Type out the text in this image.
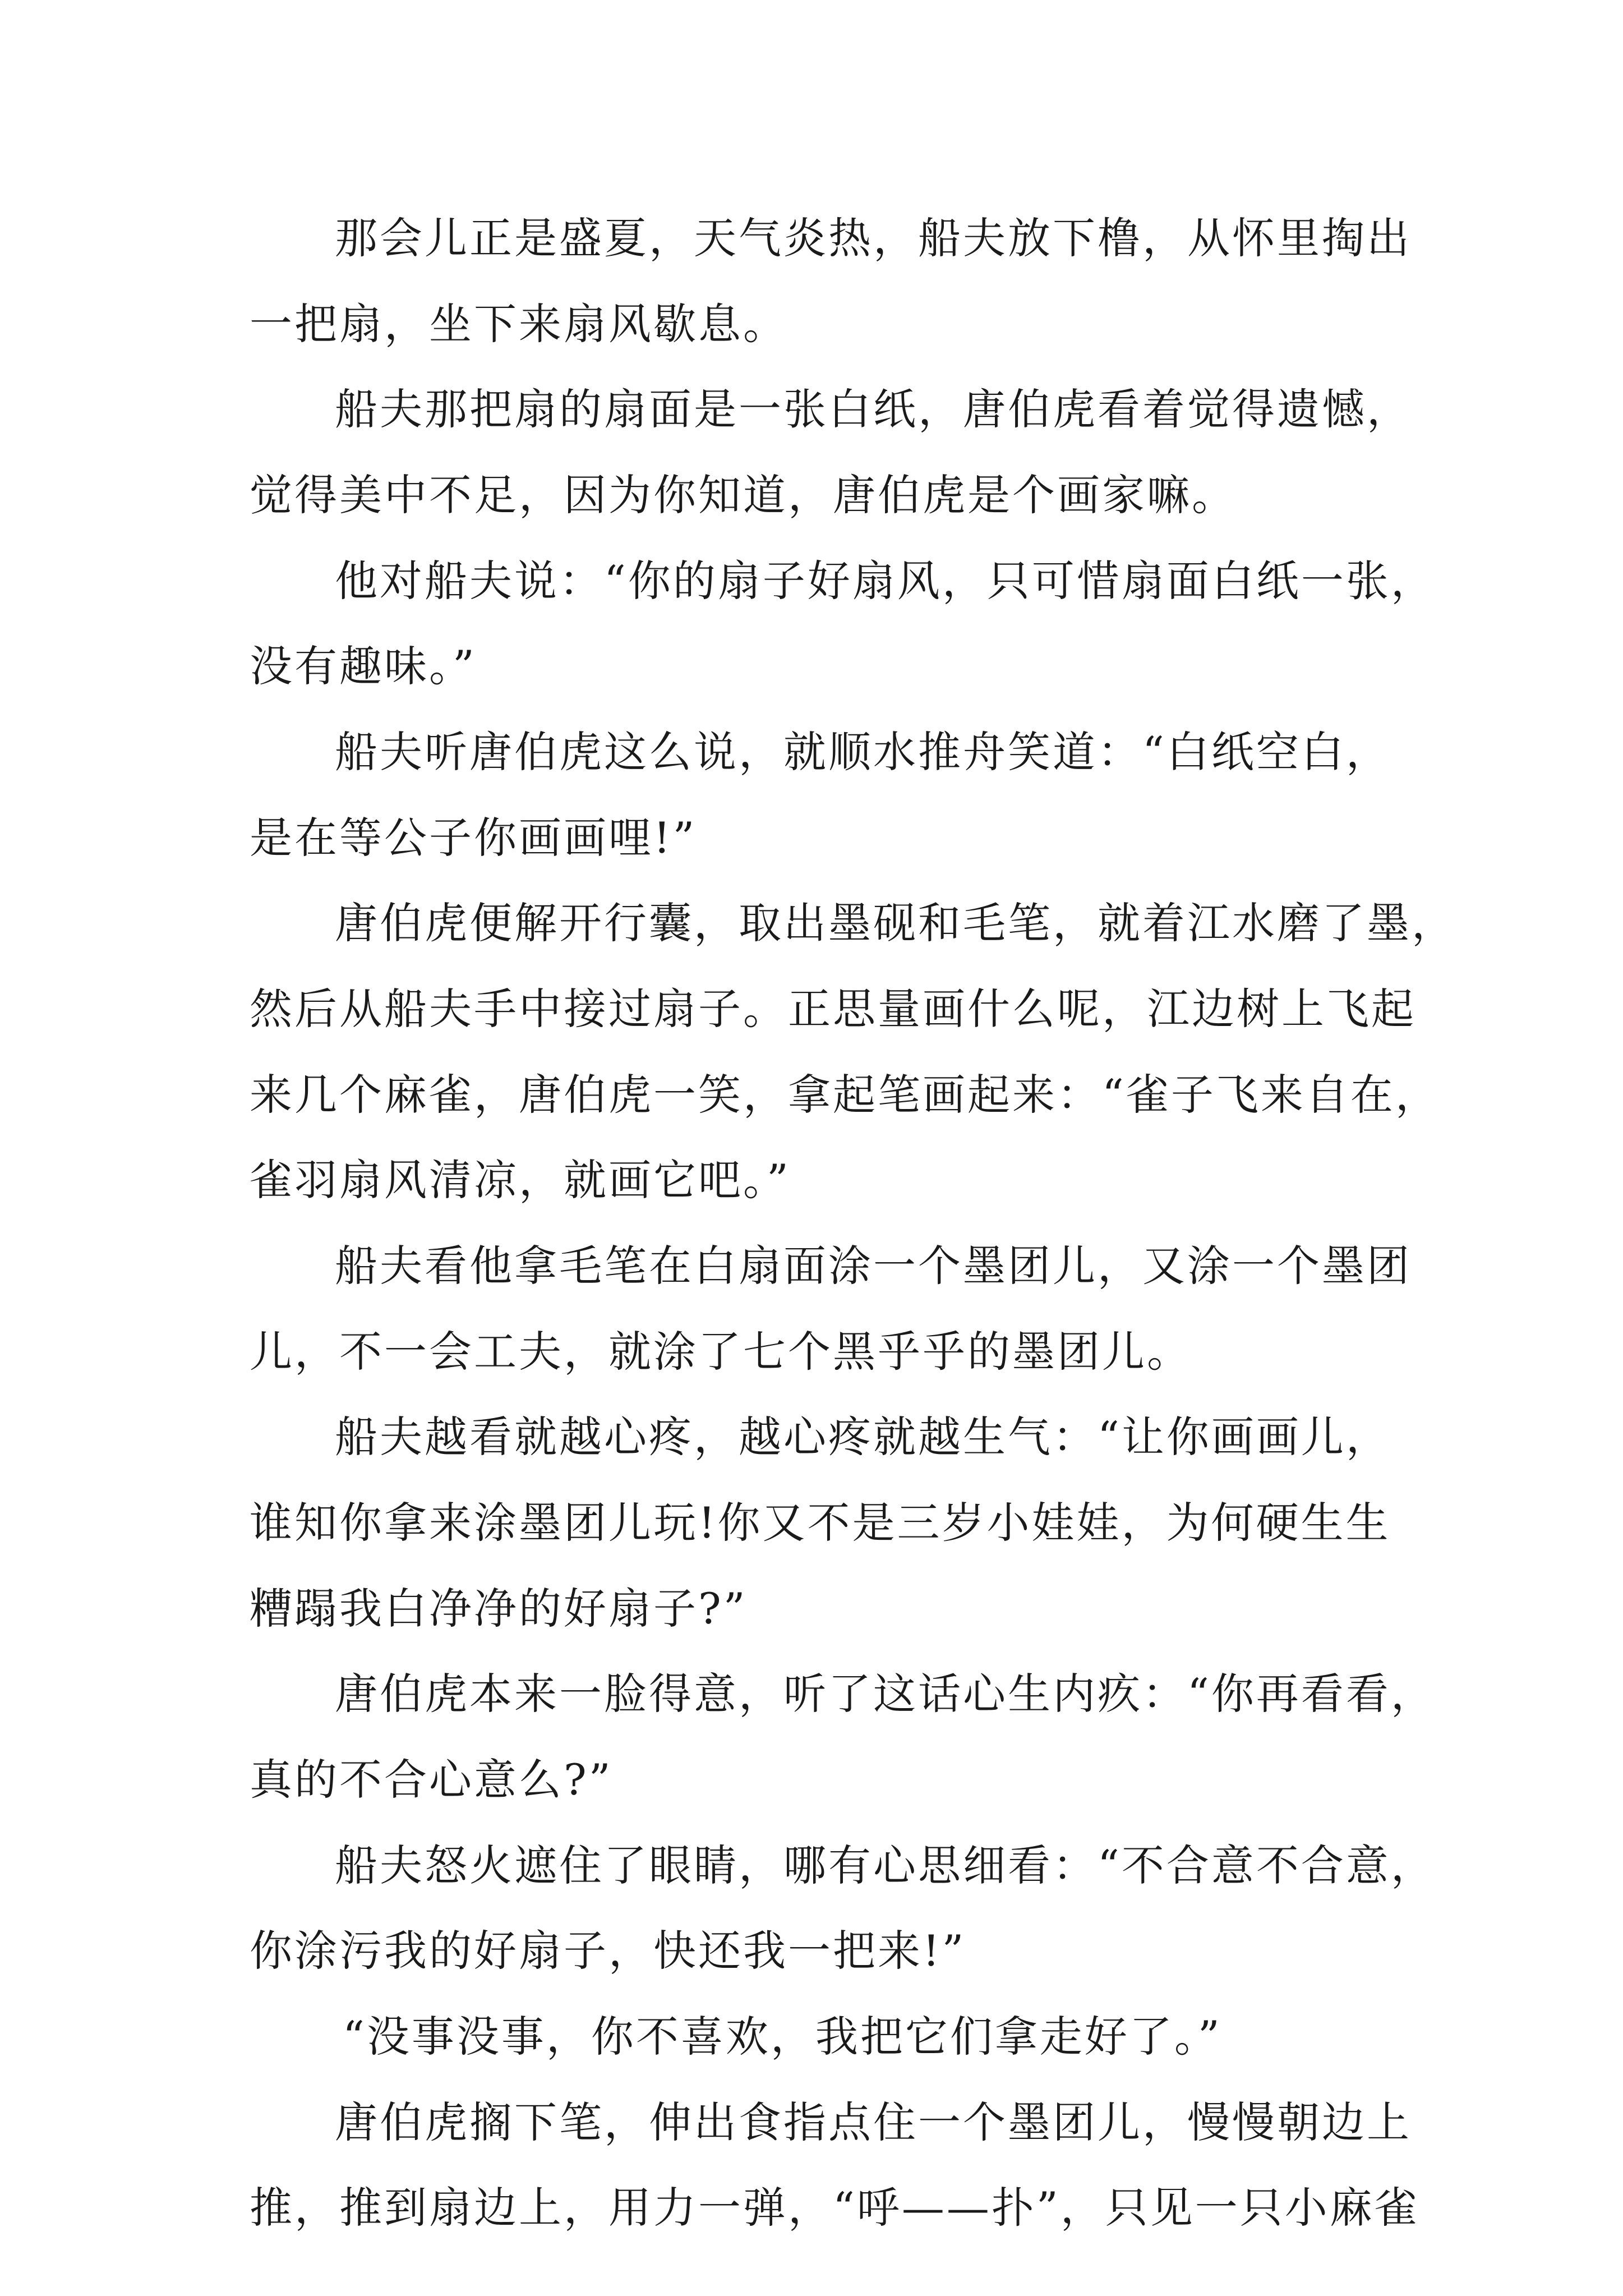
那会儿正是盛夏，天气炎热，船夫放下橹，从怀里掏出
一把扇，坐下来扇风歇息。
船夫那把扇的扇面是一张白纸，唐伯虎看着觉得遗憾，
觉得美中不足，因为你知道，唐伯虎是个画家嘛。
他对船夫说：“你的扇子好扇风，只可惜扇面白纸一张，
没有趣味。”
船夫听唐伯虎这么说，就顺水推舟笑道：“白纸空白，
是在等公子你画画哩!”
唐伯虎便解开行囊，取出墨砚和毛笔，就着江水磨了墨，
然后从船夫手中接过扇子。正思量画什么呢，江边树上飞起
来几个麻雀，唐伯虎一笑，拿起笔画起来：“雀子飞来自在，
雀羽扇风清凉，就画它吧。”
船夫看他拿毛笔在白扇面涂一个墨团儿，又涂一个墨团
儿，不一会工夫，就涂了七个黑乎乎的墨团儿。
船夫越看就越心疼，越心疼就越生气：“让你画画儿，
谁知你拿来涂墨团儿玩!你又不是三岁小娃娃，为何硬生生
糟蹋我白净净的好扇子?”
唐伯虎本来一脸得意，听了这话心生内疚：“你再看看，
真的不合心意么?”
船夫怒火遮住了眼睛，哪有心思细看：“不合意不合意，
你涂污我的好扇子，快还我一把来!”
“没事没事，你不喜欢，我把它们拿走好了。”
唐伯虎搁下笔，伸出食指点住一个墨团儿，慢慢朝边上
推，推到扇边上，用力一弹，“呼——扑”，只见一只小麻雀
